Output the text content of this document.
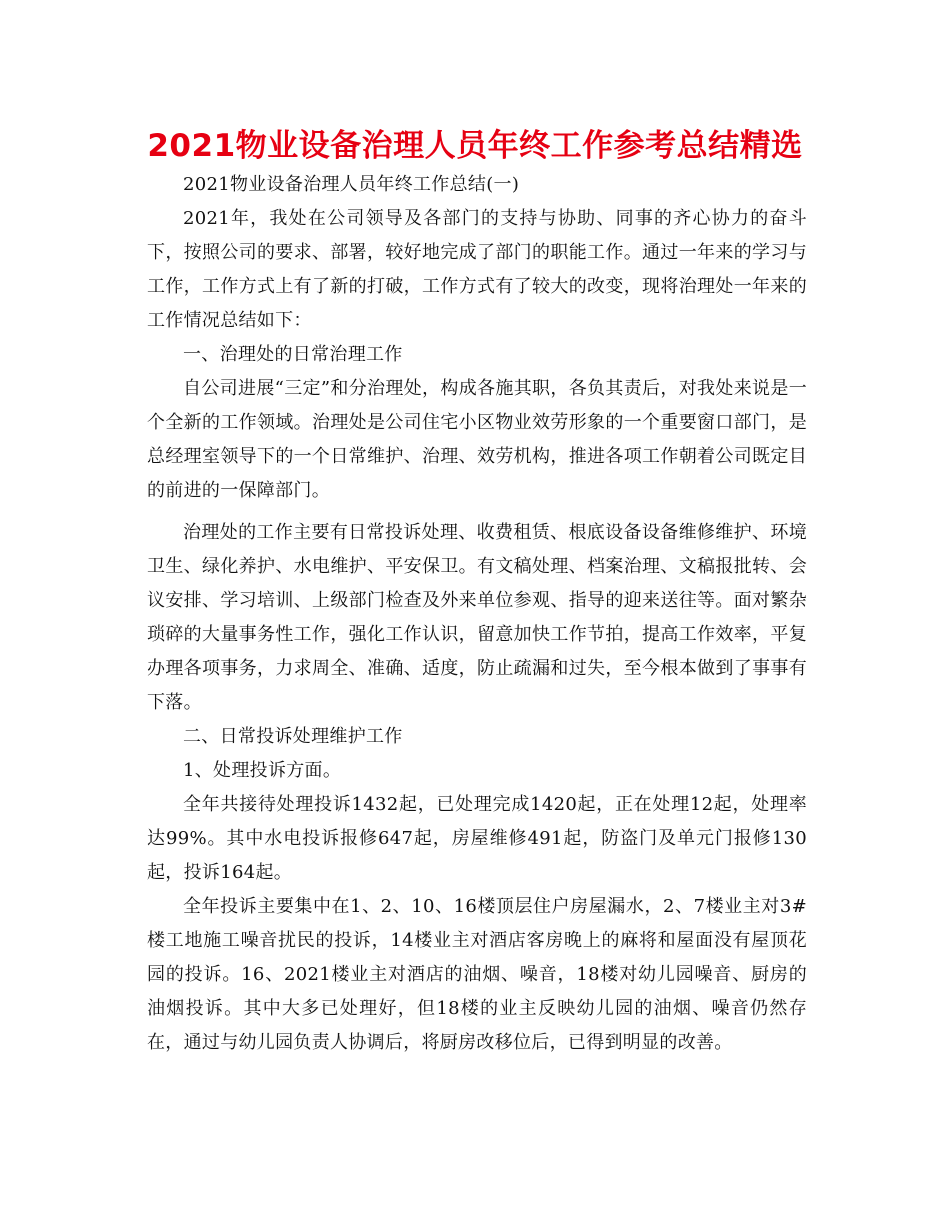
2021物业设备治理人员年终工作参考总结精选

2021物业设备治理人员年终工作总结(一)

2021年，我处在公司领导及各部门的支持与协助、同事的齐心协力的奋斗下，按照公司的要求、部署，较好地完成了部门的职能工作。通过一年来的学习与工作，工作方式上有了新的打破，工作方式有了较大的改变，现将治理处一年来的工作情况总结如下：

一、治理处的日常治理工作

自公司进展“三定”和分治理处，构成各施其职，各负其责后，对我处来说是一个全新的工作领域。治理处是公司住宅小区物业效劳形象的一个重要窗口部门，是总经理室领导下的一个日常维护、治理、效劳机构，推进各项工作朝着公司既定目的前进的一保障部门。

治理处的工作主要有日常投诉处理、收费租赁、根底设备设备维修维护、环境卫生、绿化养护、水电维护、平安保卫。有文稿处理、档案治理、文稿报批转、会议安排、学习培训、上级部门检查及外来单位参观、指导的迎来送往等。面对繁杂琐碎的大量事务性工作，强化工作认识，留意加快工作节拍，提高工作效率，平复办理各项事务，力求周全、准确、适度，防止疏漏和过失，至今根本做到了事事有下落。

二、日常投诉处理维护工作

1、处理投诉方面。

全年共接待处理投诉1432起，已处理完成1420起，正在处理12起，处理率达99%。其中水电投诉报修647起，房屋维修491起，防盗门及单元门报修130起，投诉164起。

全年投诉主要集中在1、2、10、16楼顶层住户房屋漏水，2、7楼业主对3#楼工地施工噪音扰民的投诉，14楼业主对酒店客房晚上的麻将和屋面没有屋顶花园的投诉。16、2021楼业主对酒店的油烟、噪音，18楼对幼儿园噪音、厨房的油烟投诉。其中大多已处理好，但18楼的业主反映幼儿园的油烟、噪音仍然存在，通过与幼儿园负责人协调后，将厨房改移位后，已得到明显的改善。
